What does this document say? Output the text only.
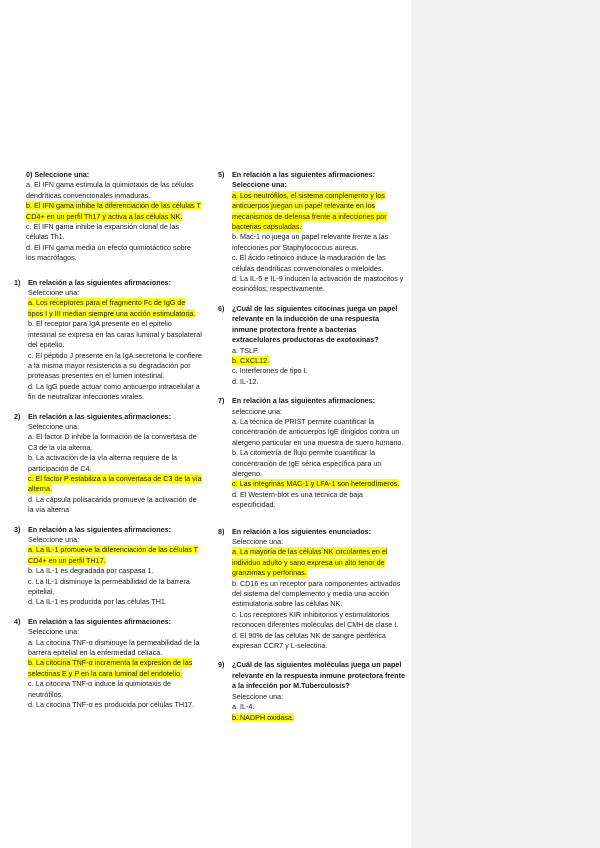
0) Seleccione una:
a. El IFN gama estimula la quimiotaxis de las células dendríticas convencionales inmaduras.
b. El IFN gama inhibe la diferenciación de las células T CD4+ en un perfil Th17 y activa a las células NK.
c. El IFN gama inhibe la expansión clonal de las células Th1.
d. El IFN gama media un efecto quimiotáctico sobre los macrófagos.
1) En relación a las siguientes afirmaciones:
Seleccione una:
a. Los receptores para el fragmento Fc de IgG de tipos I y III median siempre una acción estimulatoria.
b. El receptor para IgA presente en el epitelio intestinal se expresa en las caras luminal y basolateral del epitelio.
c. El péptido J presente en la IgA secretoria le confiere a la misma mayor resistencia a su degradación por proteasas presentes en el lumen intestinal.
d. La IgG puede actuar como anticuerpo intracelular a fin de neutralizar infecciones virales.
2) En relación a las siguientes afirmaciones:
Seleccione una:
a. El factor D inhibe la formación de la convertasa de C3 de la vía alterna.
b. La activación de la vía alterna requiere de la participación de C4.
c. El factor P estabiliza a la convertasa de C3 de la vía alterna.
d. La cápsula polisacárida promueve la activación de la vía alterna
3) En relación a las siguientes afirmaciones:
Seleccione una:
a. La IL-1 promueve la diferenciación de las células T CD4+ en un perfil TH17.
b. La IL-1 es degradada por caspasa 1.
c. La IL-1 disminuye la permeabilidad de la barrera epitelial.
d. La IL-1 es producida por las células TH1.
4) En relación a las siguientes afirmaciones:
Seleccione una:
a. La citocina TNF-α disminuye la permeabilidad de la barrera epitelial en la enfermedad celíaca.
b. La citocina TNF-α incrementa la expresión de las selectinas E y P en la cara luminal del endotelio.
c. La citocina TNF-α induce la quimiotaxis de neutrófilos.
d. La citocina TNF-α es producida por células TH17.
5) En relación a las siguientes afirmaciones:
Seleccione una:
a. Los neutrófilos, el sistema complemento y los anticuerpos juegan un papel relevante en los mecanismos de defensa frente a infecciones por bacterias capsuladas.
b. Mac-1 no juega un papel relevante frente a las infecciones por Staphylococcus aureus.
c. El ácido retinoico induce la maduración de las células dendríticas convencionales o mieloides.
d. La IL-5 e IL-9 inducen la activación de mastocitos y eosinófilos, respectivamente.
6) ¿Cuál de las siguientes citocinas juega un papel relevante en la inducción de una respuesta inmune protectora frente a bacterias extracelulares productoras de exotoxinas?
a. TSLP.
b. CXCL12.
c. Interferones de tipo I.
d. IL-12.
7) En relación a las siguientes afirmaciones:
seleccione una:
a. La técnica de PRIST permite cuantificar la concentración de anticuerpos IgE dirigidos contra un alergeno particular en una muestra de suero humano.
b. La citometría de flujo permite cuantificar la concentración de IgE sérica específica para un alergeno.
c. Las integrinas MAC-1 y LFA-1 son heterodímeros.
d. El Western-blot es una técnica de baja especificidad.
8) En relación a los siguientes enunciados:
Seleccione una:
a. La mayoría de las células NK circulantes en el individuo adulto y sano expresa un alto tenor de granzimas y perforinas.
b. CD16 es un receptor para componentes activados del sistema del complemento y media una acción estimulatoria sobre las células NK.
c. Los receptores KIR inhibitorios y estimulatorios reconocen diferentes moléculas del CMH de clase I.
d. El 90% de las células NK de sangre periférica expresan CCR7 y L-selectina.
9) ¿Cuál de las siguientes moléculas juega un papel relevante en la respuesta inmune protectora frente a la infección por M.Tuberculosis?
Seleccione una:
a. IL-4.
b. NADPH oxidasa.
